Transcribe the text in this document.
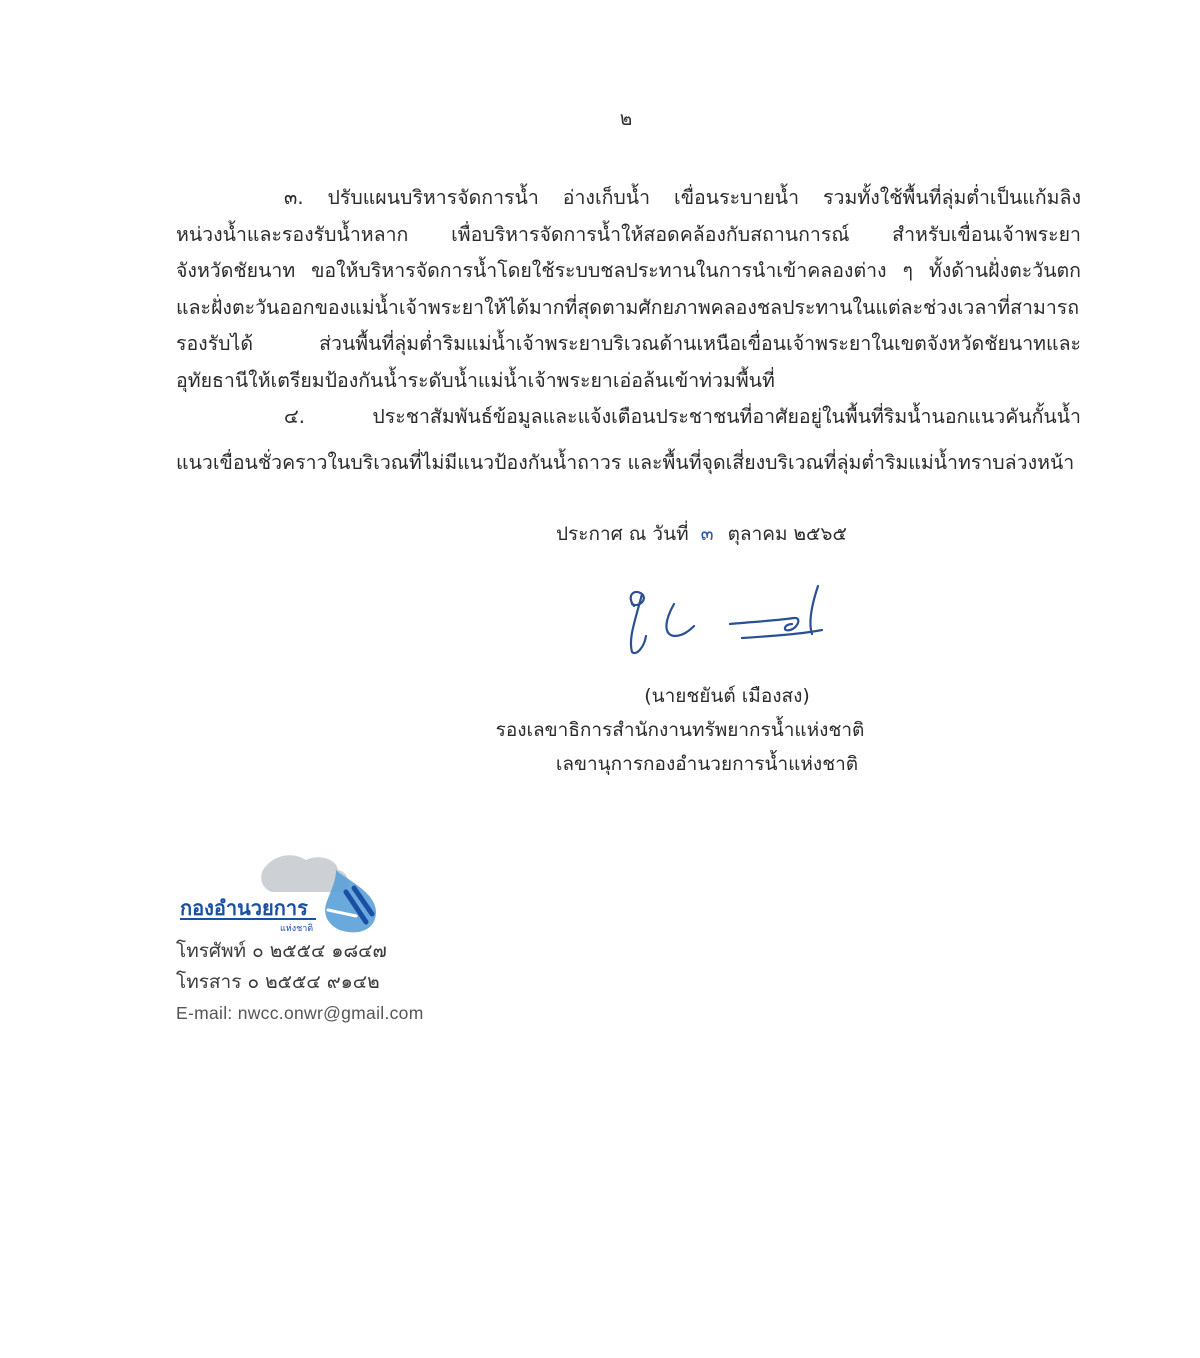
๒
๓. ปรับแผนบริหารจัดการน้ำ อ่างเก็บน้ำ เขื่อนระบายน้ำ รวมทั้งใช้พื้นที่ลุ่มต่ำเป็นแก้มลิง
หน่วงน้ำและรองรับน้ำหลาก เพื่อบริหารจัดการน้ำให้สอดคล้องกับสถานการณ์ สำหรับเขื่อนเจ้าพระยา
จังหวัดชัยนาท ขอให้บริหารจัดการน้ำโดยใช้ระบบชลประทานในการนำเข้าคลองต่าง ๆ ทั้งด้านฝั่งตะวันตก
และฝั่งตะวันออกของแม่น้ำเจ้าพระยาให้ได้มากที่สุดตามศักยภาพคลองชลประทานในแต่ละช่วงเวลาที่สามารถ
รองรับได้ ส่วนพื้นที่ลุ่มต่ำริมแม่น้ำเจ้าพระยาบริเวณด้านเหนือเขื่อนเจ้าพระยาในเขตจังหวัดชัยนาทและ
อุทัยธานีให้เตรียมป้องกันน้ำระดับน้ำแม่น้ำเจ้าพระยาเอ่อล้นเข้าท่วมพื้นที่
๔. ประชาสัมพันธ์ข้อมูลและแจ้งเตือนประชาชนที่อาศัยอยู่ในพื้นที่ริมน้ำนอกแนวคันกั้นน้ำ
แนวเขื่อนชั่วคราวในบริเวณที่ไม่มีแนวป้องกันน้ำถาวร และพื้นที่จุดเสี่ยงบริเวณที่ลุ่มต่ำริมแม่น้ำทราบล่วงหน้า
ประกาศ ณ วันที่ ๓ ตุลาคม ๒๕๖๕
(นายชยันต์ เมืองสง)
รองเลขาธิการสำนักงานทรัพยากรน้ำแห่งชาติ
เลขานุการกองอำนวยการน้ำแห่งชาติ
กองอำนวยการ
แห่งชาติ
โทรศัพท์ ๐ ๒๕๕๔ ๑๘๔๗
โทรสาร ๐ ๒๕๕๔ ๙๑๔๒
E-mail: nwcc.onwr@gmail.com
